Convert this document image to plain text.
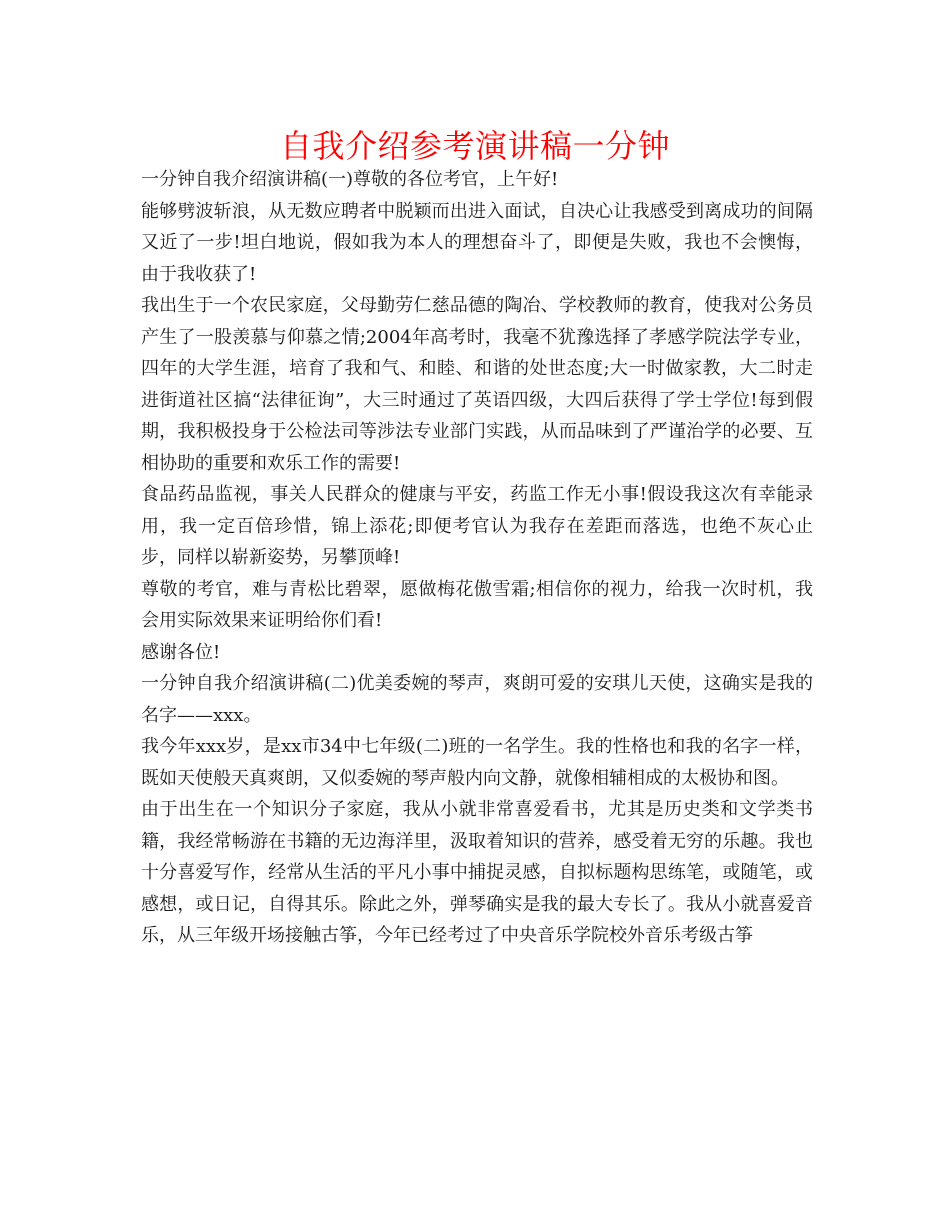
自我介绍参考演讲稿一分钟

一分钟自我介绍演讲稿(一)尊敬的各位考官，上午好!

能够劈波斩浪，从无数应聘者中脱颖而出进入面试，自决心让我感受到离成功的间隔又近了一步!坦白地说，假如我为本人的理想奋斗了，即便是失败，我也不会懊悔，由于我收获了!

我出生于一个农民家庭，父母勤劳仁慈品德的陶冶、学校教师的教育，使我对公务员产生了一股羡慕与仰慕之情;2004年高考时，我毫不犹豫选择了孝感学院法学专业，四年的大学生涯，培育了我和气、和睦、和谐的处世态度;大一时做家教，大二时走进街道社区搞“法律征询”，大三时通过了英语四级，大四后获得了学士学位!每到假期，我积极投身于公检法司等涉法专业部门实践，从而品味到了严谨治学的必要、互相协助的重要和欢乐工作的需要!

食品药品监视，事关人民群众的健康与平安，药监工作无小事!假设我这次有幸能录用，我一定百倍珍惜，锦上添花;即便考官认为我存在差距而落选，也绝不灰心止步，同样以崭新姿势，另攀顶峰!

尊敬的考官，难与青松比碧翠，愿做梅花傲雪霜;相信你的视力，给我一次时机，我会用实际效果来证明给你们看!

感谢各位!

一分钟自我介绍演讲稿(二)优美委婉的琴声，爽朗可爱的安琪儿天使，这确实是我的名字——xxx。

我今年xxx岁，是xx市34中七年级(二)班的一名学生。我的性格也和我的名字一样，既如天使般天真爽朗，又似委婉的琴声般内向文静，就像相辅相成的太极协和图。

由于出生在一个知识分子家庭，我从小就非常喜爱看书，尤其是历史类和文学类书籍，我经常畅游在书籍的无边海洋里，汲取着知识的营养，感受着无穷的乐趣。我也十分喜爱写作，经常从生活的平凡小事中捕捉灵感，自拟标题构思练笔，或随笔，或感想，或日记，自得其乐。除此之外，弹琴确实是我的最大专长了。我从小就喜爱音乐，从三年级开场接触古筝，今年已经考过了中央音乐学院校外音乐考级古筝
